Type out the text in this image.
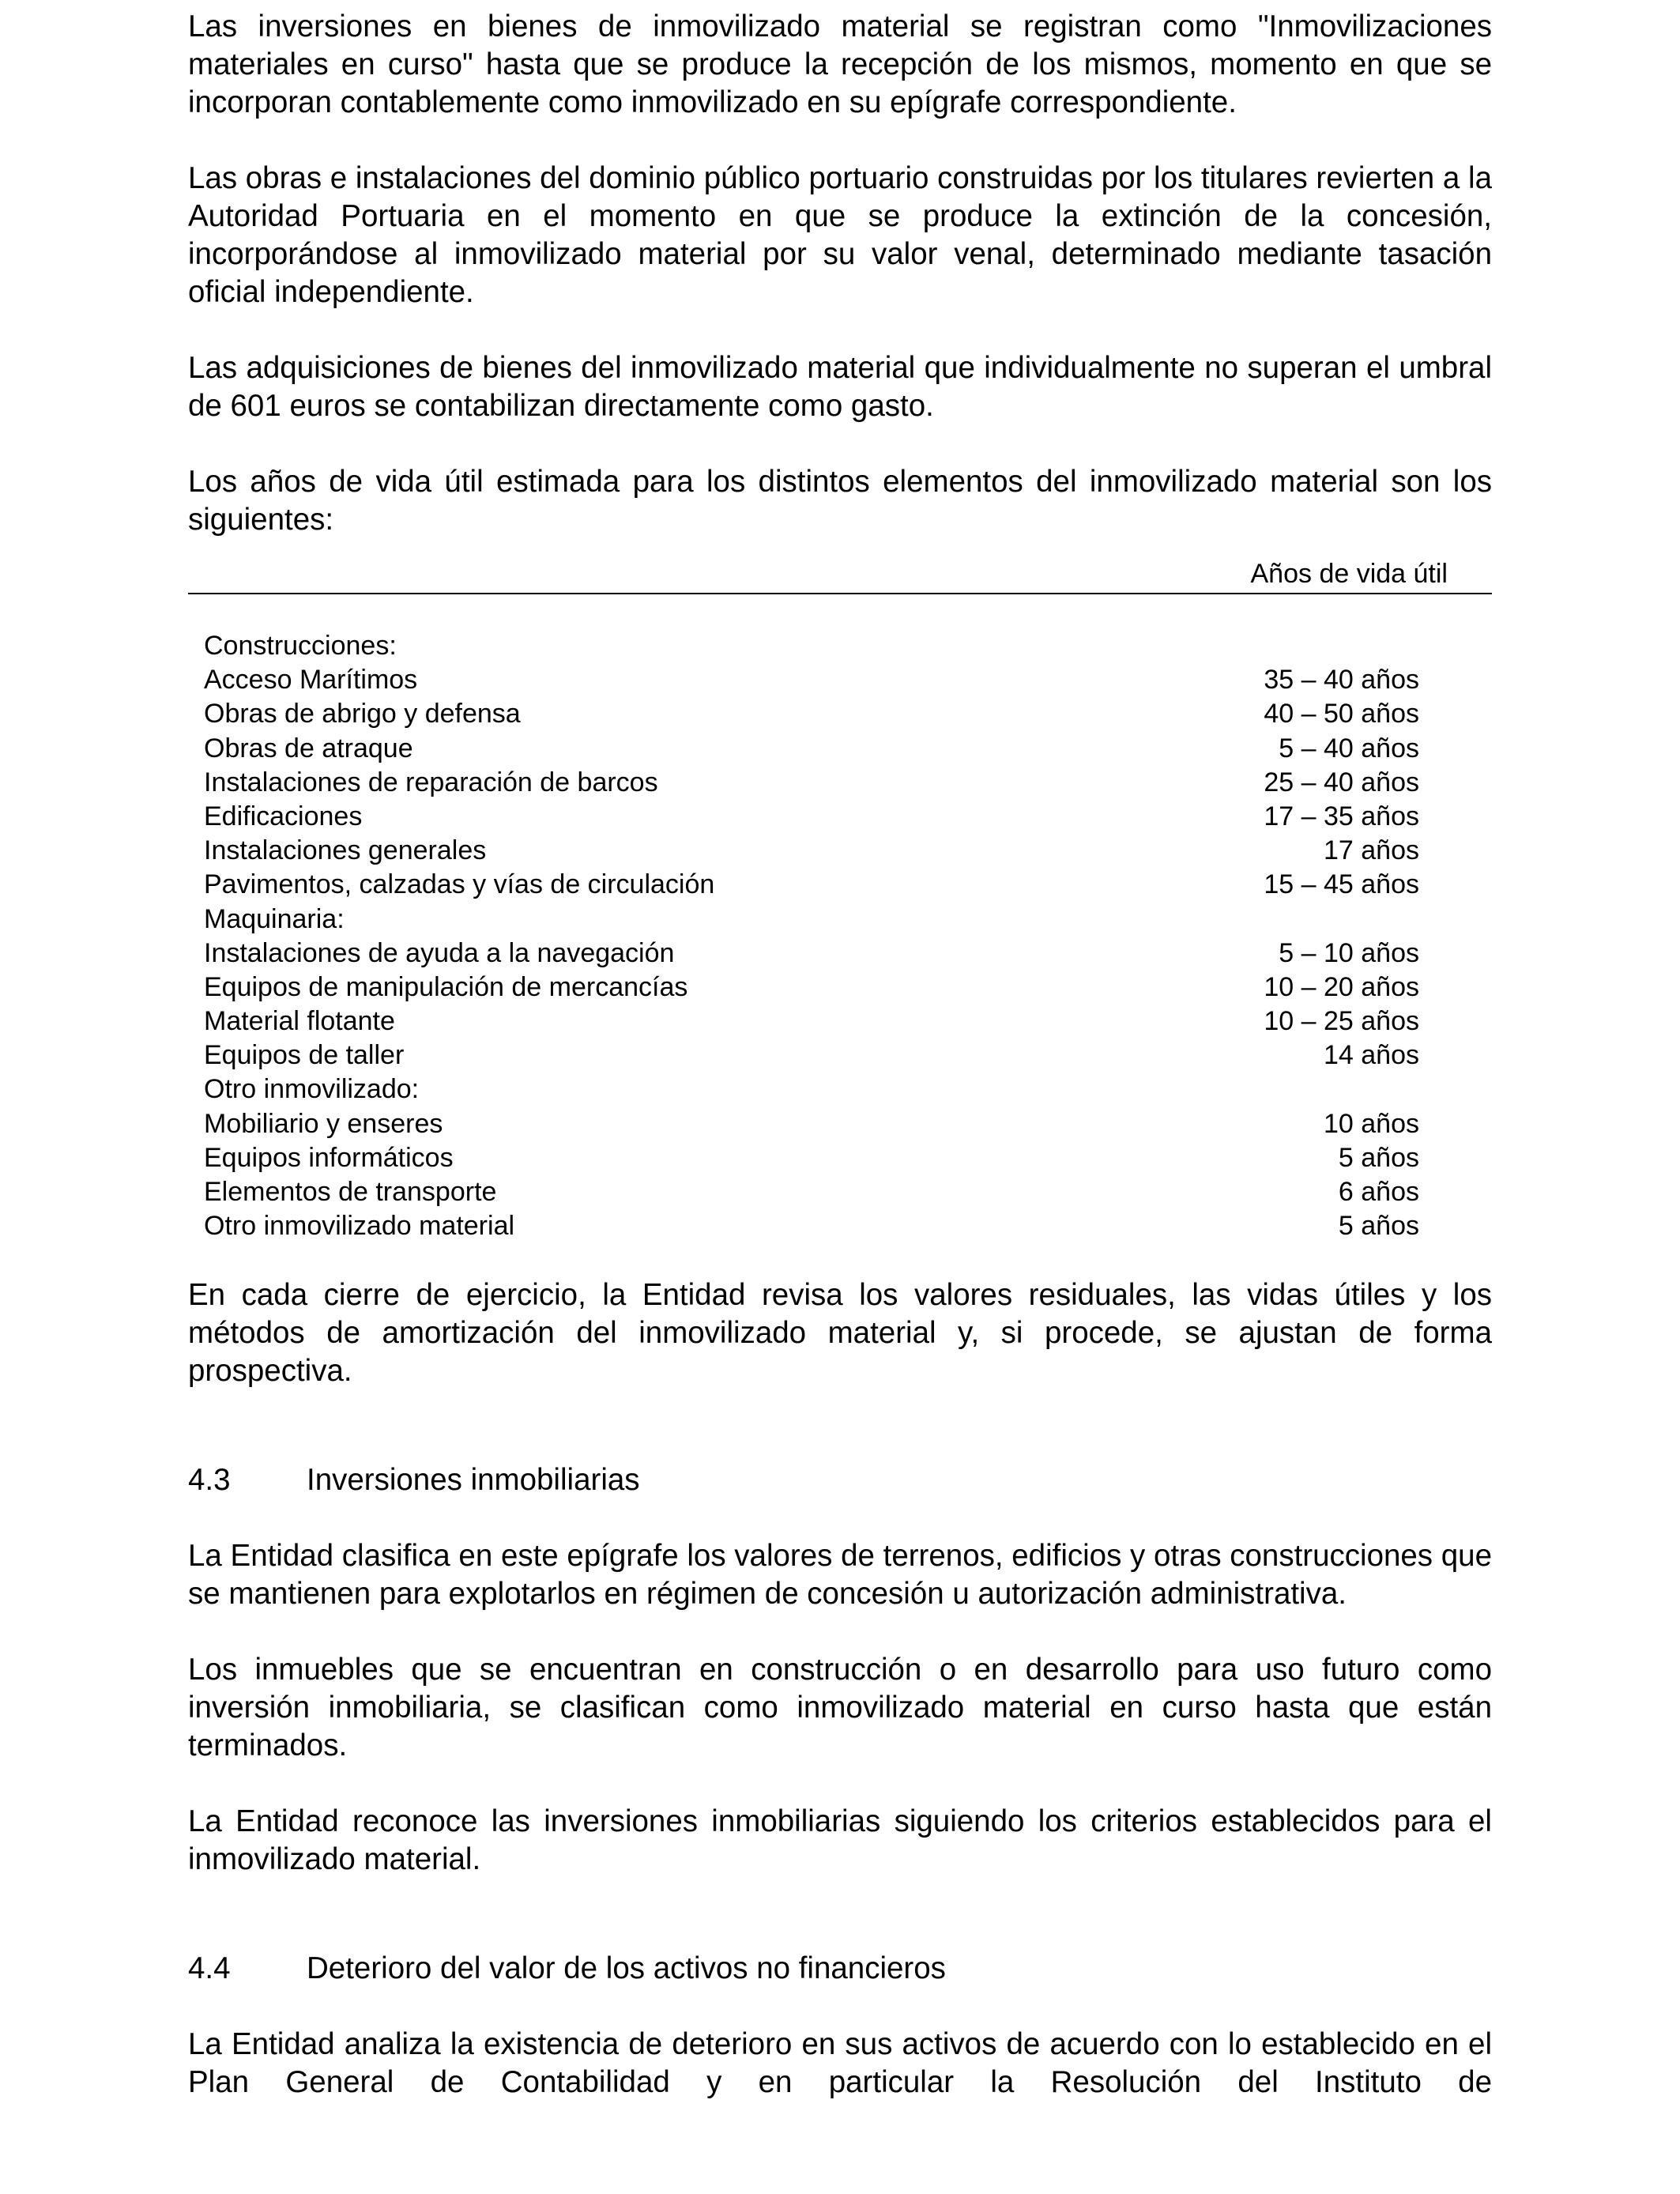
Las inversiones en bienes de inmovilizado material se registran como "Inmovilizaciones materiales en curso" hasta que se produce la recepción de los mismos, momento en que se incorporan contablemente como inmovilizado en su epígrafe correspondiente.

Las obras e instalaciones del dominio público portuario construidas por los titulares revierten a la Autoridad Portuaria en el momento en que se produce la extinción de la concesión, incorporándose al inmovilizado material por su valor venal, determinado mediante tasación oficial independiente.

Las adquisiciones de bienes del inmovilizado material que individualmente no superan el umbral de 601 euros se contabilizan directamente como gasto.

Los años de vida útil estimada para los distintos elementos del inmovilizado material son los siguientes:

Años de vida útil
Construcciones:
Acceso Marítimos	35 – 40 años
Obras de abrigo y defensa	40 – 50 años
Obras de atraque	5 – 40 años
Instalaciones de reparación de barcos	25 – 40 años
Edificaciones	17 – 35 años
Instalaciones generales	17 años
Pavimentos, calzadas y vías de circulación	15 – 45 años
Maquinaria:
Instalaciones de ayuda a la navegación	5 – 10 años
Equipos de manipulación de mercancías	10 – 20 años
Material flotante	10 – 25 años
Equipos de taller	14 años
Otro inmovilizado:
Mobiliario y enseres	10 años
Equipos informáticos	5 años
Elementos de transporte	6 años
Otro inmovilizado material	5 años

En cada cierre de ejercicio, la Entidad revisa los valores residuales, las vidas útiles y los métodos de amortización del inmovilizado material y, si procede, se ajustan de forma prospectiva.

4.3	Inversiones inmobiliarias

La Entidad clasifica en este epígrafe los valores de terrenos, edificios y otras construcciones que se mantienen para explotarlos en régimen de concesión u autorización administrativa.

Los inmuebles que se encuentran en construcción o en desarrollo para uso futuro como inversión inmobiliaria, se clasifican como inmovilizado material en curso hasta que están terminados.

La Entidad reconoce las inversiones inmobiliarias siguiendo los criterios establecidos para el inmovilizado material.

4.4	Deterioro del valor de los activos no financieros

La Entidad analiza la existencia de deterioro en sus activos de acuerdo con lo establecido en el Plan General de Contabilidad y en particular la Resolución del Instituto de
